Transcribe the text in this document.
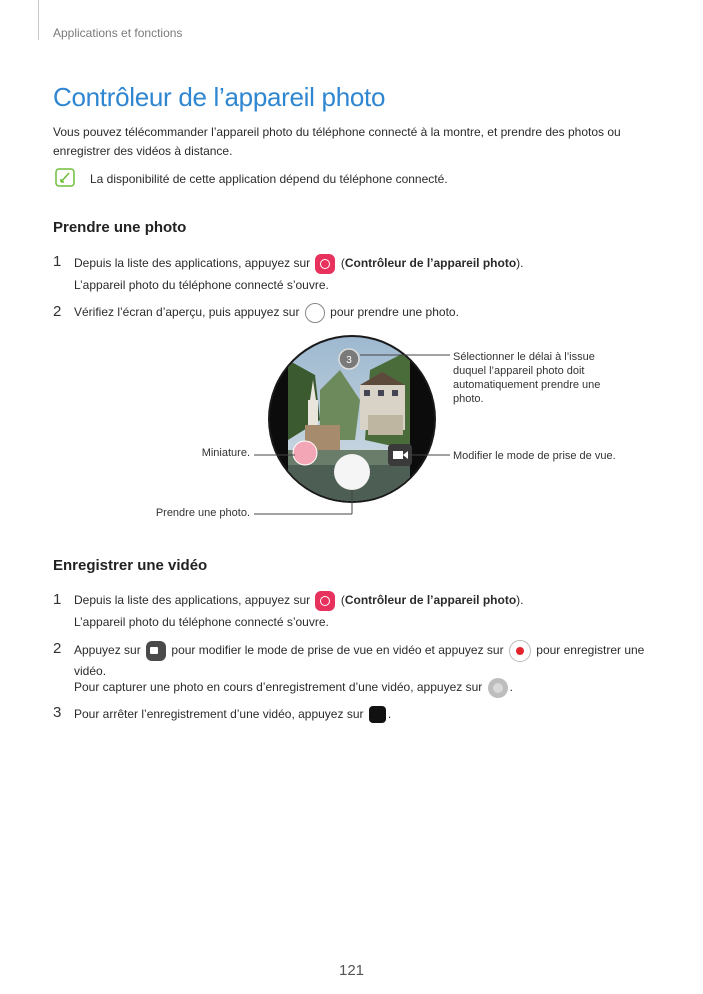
Applications et fonctions
Contrôleur de l’appareil photo
Vous pouvez télécommander l’appareil photo du téléphone connecté à la montre, et prendre des photos ou enregistrer des vidéos à distance.
La disponibilité de cette application dépend du téléphone connecté.
Prendre une photo
1 Depuis la liste des applications, appuyez sur	(Contrôleur de l’appareil photo).
L’appareil photo du téléphone connecté s’ouvre.
2 Vérifiez l’écran d’aperçu, puis appuyez sur	pour prendre une photo.
3	Sélectionner le délai à l’issue duquel l’appareil photo doit automatiquement prendre une photo.
Miniature.	Modifier le mode de prise de vue.
Prendre une photo.
Enregistrer une vidéo
1 Depuis la liste des applications, appuyez sur	(Contrôleur de l’appareil photo).
L’appareil photo du téléphone connecté s’ouvre.
2 Appuyez sur	pour modifier le mode de prise de vue en vidéo et appuyez sur	pour enregistrer une vidéo.
Pour capturer une photo en cours d’enregistrement d’une vidéo, appuyez sur .
3 Pour arrêter l’enregistrement d’une vidéo, appuyez sur .
121
